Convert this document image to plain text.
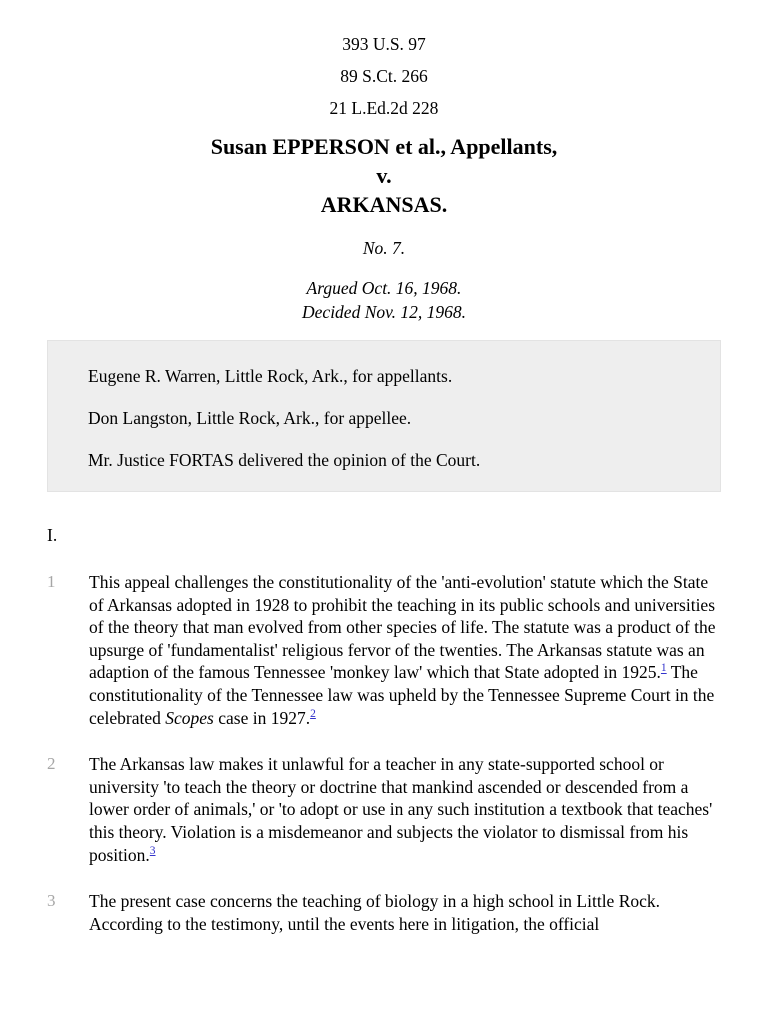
393 U.S. 97
89 S.Ct. 266
21 L.Ed.2d 228
Susan EPPERSON et al., Appellants,
v.
ARKANSAS.
No. 7.
Argued Oct. 16, 1968.
Decided Nov. 12, 1968.

Eugene R. Warren, Little Rock, Ark., for appellants.

Don Langston, Little Rock, Ark., for appellee.

Mr. Justice FORTAS delivered the opinion of the Court.

I.
1	This appeal challenges the constitutionality of the 'anti-evolution' statute which the State of Arkansas adopted in 1928 to prohibit the teaching in its public schools and universities of the theory that man evolved from other species of life. The statute was a product of the upsurge of 'fundamentalist' religious fervor of the twenties. The Arkansas statute was an adaption of the famous Tennessee 'monkey law' which that State adopted in 1925.$^1$ The constitutionality of the Tennessee law was upheld by the Tennessee Supreme Court in the celebrated Scopes case in 1927.$^2$
2	The Arkansas law makes it unlawful for a teacher in any state-supported school or university 'to teach the theory or doctrine that mankind ascended or descended from a lower order of animals,' or 'to adopt or use in any such institution a textbook that teaches' this theory. Violation is a misdemeanor and subjects the violator to dismissal from his position.$^3$
3	The present case concerns the teaching of biology in a high school in Little Rock. According to the testimony, until the events here in litigation, the official
